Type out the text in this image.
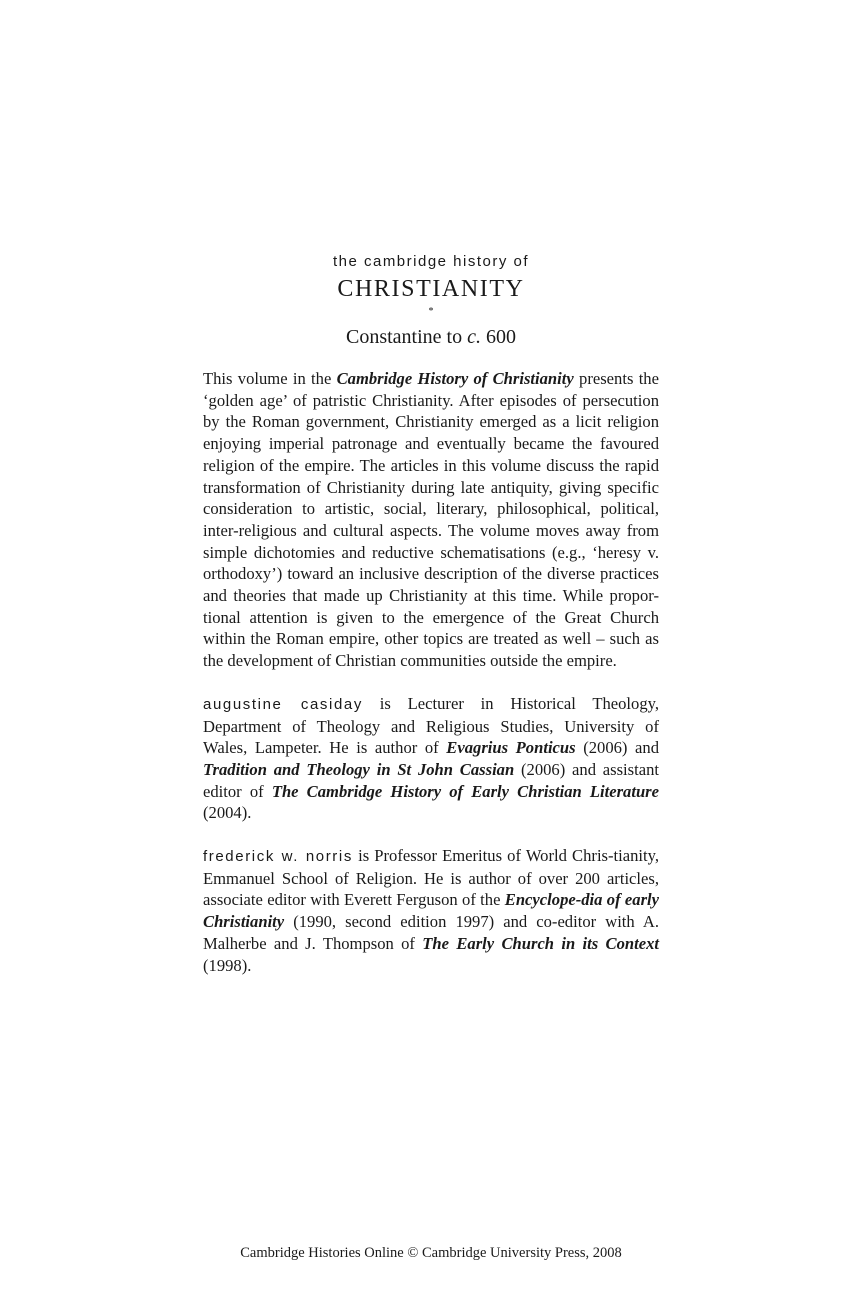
the cambridge history of
CHRISTIANITY
*
Constantine to c. 600

This volume in the Cambridge History of Christianity presents the ‘golden age’ of patristic Christianity. After episodes of persecution by the Roman government, Christianity emerged as a licit religion enjoying imperial patronage and eventually became the favoured religion of the empire. The articles in this volume discuss the rapid transformation of Christianity during late antiquity, giving specific consideration to artistic, social, literary, philosophical, political, inter-religious and cultural aspects. The volume moves away from simple dichotomies and reductive schematisations (e.g., ‘heresy v. orthodoxy’) toward an inclusive description of the diverse practices and theories that made up Christianity at this time. While propor-tional attention is given to the emergence of the Great Church within the Roman empire, other topics are treated as well – such as the development of Christian communities outside the empire.

augustine casiday is Lecturer in Historical Theology, Department of Theology and Religious Studies, University of Wales, Lampeter. He is author of Evagrius Ponticus (2006) and Tradition and Theology in St John Cassian (2006) and assistant editor of The Cambridge History of Early Christian Literature (2004).

frederick w. norris is Professor Emeritus of World Chris-tianity, Emmanuel School of Religion. He is author of over 200 articles, associate editor with Everett Ferguson of the Encyclope-dia of early Christianity (1990, second edition 1997) and co-editor with A. Malherbe and J. Thompson of The Early Church in its Context (1998).

Cambridge Histories Online © Cambridge University Press, 2008
